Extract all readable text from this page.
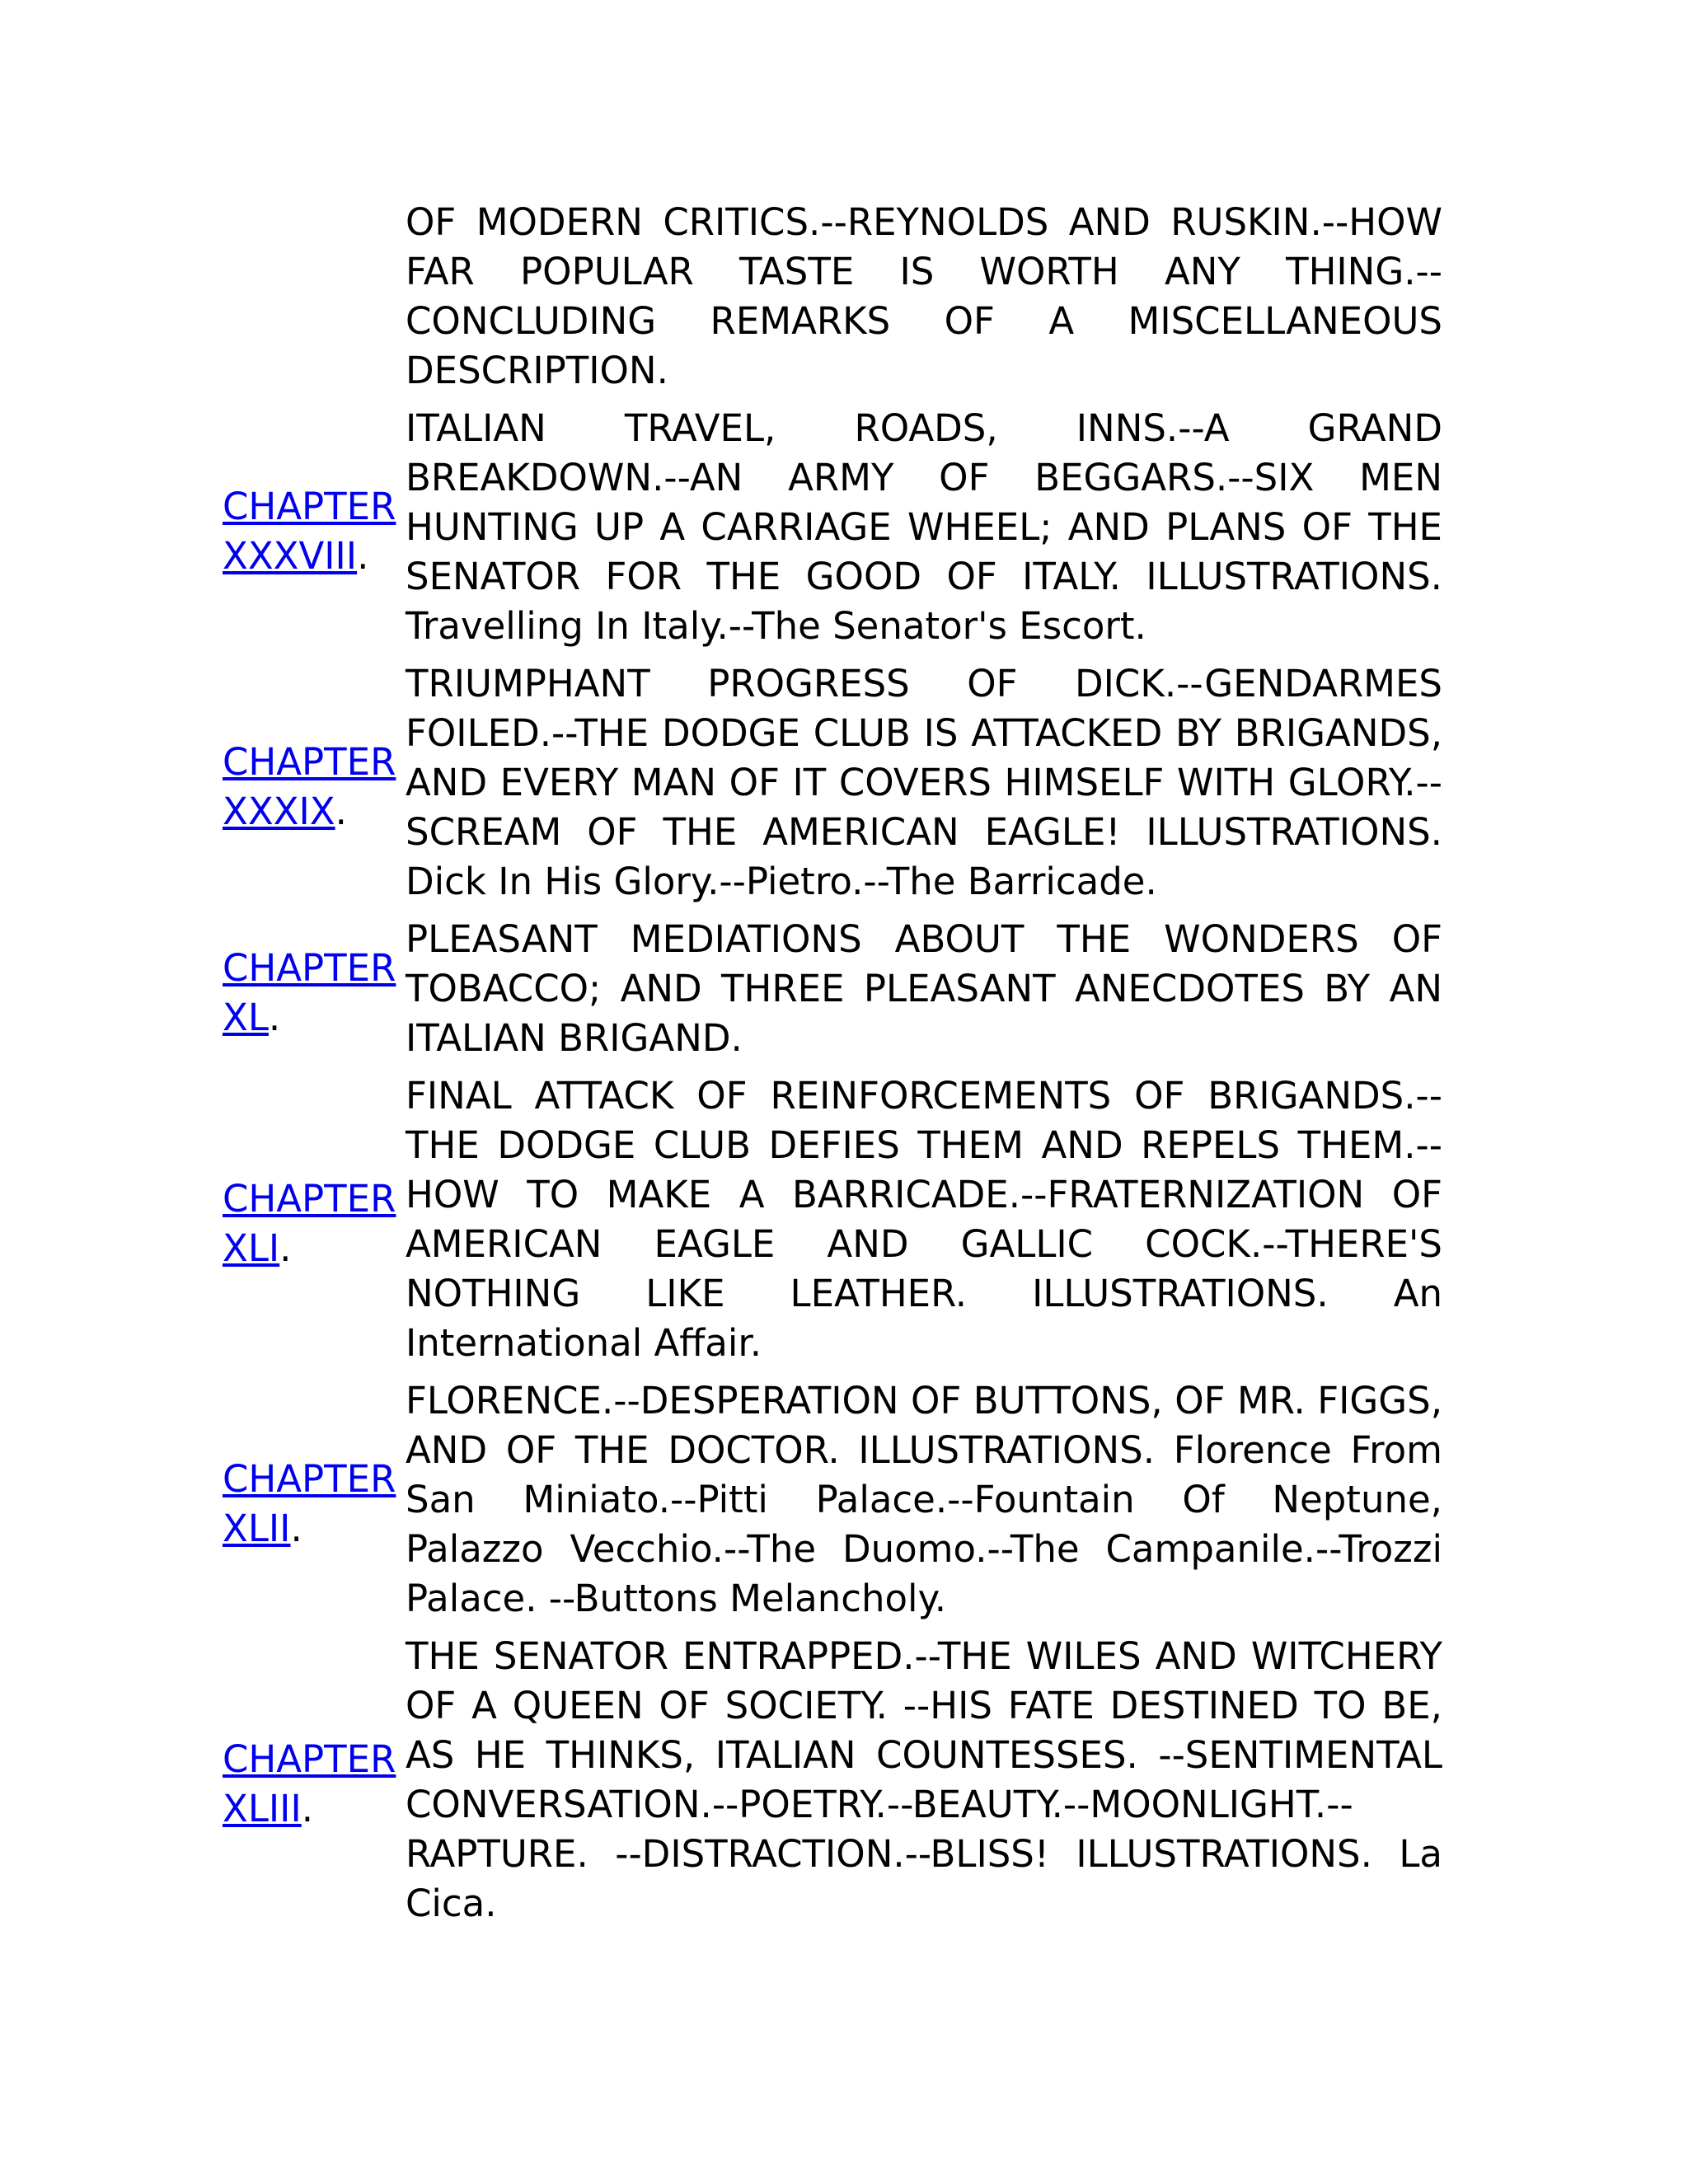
	OF MODERN CRITICS.--REYNOLDS AND RUSKIN.--HOW FAR POPULAR TASTE IS WORTH ANY THING.--CONCLUDING REMARKS OF A MISCELLANEOUS DESCRIPTION.
CHAPTER XXXVIII.	ITALIAN TRAVEL, ROADS, INNS.--A GRAND BREAKDOWN.--AN ARMY OF BEGGARS.--SIX MEN HUNTING UP A CARRIAGE WHEEL; AND PLANS OF THE SENATOR FOR THE GOOD OF ITALY. ILLUSTRATIONS. Travelling In Italy.--The Senator's Escort.
CHAPTER XXXIX.	TRIUMPHANT PROGRESS OF DICK.--GENDARMES FOILED.--THE DODGE CLUB IS ATTACKED BY BRIGANDS, AND EVERY MAN OF IT COVERS HIMSELF WITH GLORY.--SCREAM OF THE AMERICAN EAGLE! ILLUSTRATIONS. Dick In His Glory.--Pietro.--The Barricade.
CHAPTER XL.	PLEASANT MEDIATIONS ABOUT THE WONDERS OF TOBACCO; AND THREE PLEASANT ANECDOTES BY AN ITALIAN BRIGAND.
CHAPTER XLI.	FINAL ATTACK OF REINFORCEMENTS OF BRIGANDS.--THE DODGE CLUB DEFIES THEM AND REPELS THEM.--HOW TO MAKE A BARRICADE.--FRATERNIZATION OF AMERICAN EAGLE AND GALLIC COCK.--THERE'S NOTHING LIKE LEATHER. ILLUSTRATIONS. An International Affair.
CHAPTER XLII.	FLORENCE.--DESPERATION OF BUTTONS, OF MR. FIGGS, AND OF THE DOCTOR. ILLUSTRATIONS. Florence From San Miniato.--Pitti Palace.--Fountain Of Neptune, Palazzo Vecchio.--The Duomo.--The Campanile.--Trozzi Palace. --Buttons Melancholy.
CHAPTER XLIII.	THE SENATOR ENTRAPPED.--THE WILES AND WITCHERY OF A QUEEN OF SOCIETY. --HIS FATE DESTINED TO BE, AS HE THINKS, ITALIAN COUNTESSES. --SENTIMENTAL CONVERSATION.--POETRY.--BEAUTY.--MOONLIGHT.--RAPTURE. --DISTRACTION.--BLISS! ILLUSTRATIONS. La Cica.
